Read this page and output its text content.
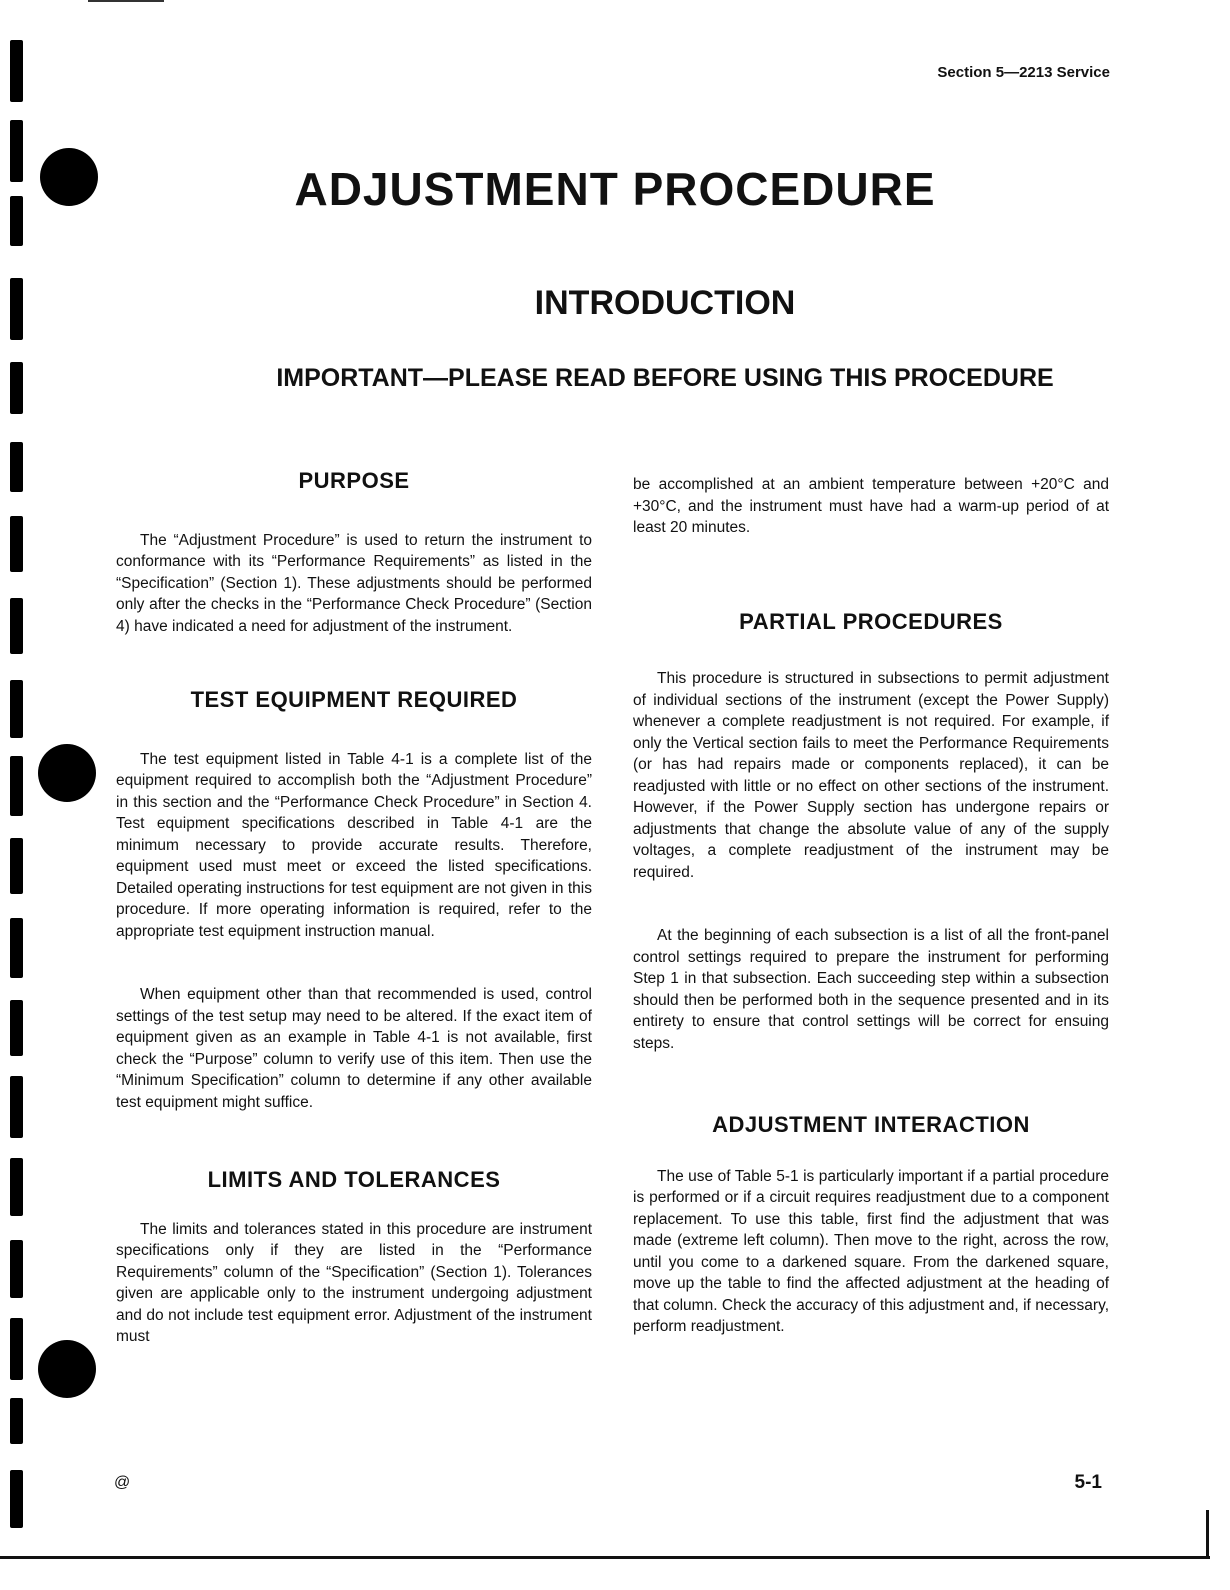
Section 5—2213 Service
ADJUSTMENT PROCEDURE
INTRODUCTION
IMPORTANT—PLEASE READ BEFORE USING THIS PROCEDURE
PURPOSE

The “Adjustment Procedure” is used to return the instrument to conformance with its “Performance Requirements” as listed in the “Specification” (Section 1). These adjustments should be performed only after the checks in the “Performance Check Procedure” (Section 4) have indicated a need for adjustment of the instrument.

TEST EQUIPMENT REQUIRED

The test equipment listed in Table 4-1 is a complete list of the equipment required to accomplish both the “Adjustment Procedure” in this section and the “Performance Check Procedure” in Section 4. Test equipment specifications described in Table 4-1 are the minimum necessary to provide accurate results. Therefore, equipment used must meet or exceed the listed specifications. Detailed operating instructions for test equipment are not given in this procedure. If more operating information is required, refer to the appropriate test equipment instruction manual.

When equipment other than that recommended is used, control settings of the test setup may need to be altered. If the exact item of equipment given as an example in Table 4-1 is not available, first check the “Purpose” column to verify use of this item. Then use the “Minimum Specification” column to determine if any other available test equipment might suffice.

LIMITS AND TOLERANCES

The limits and tolerances stated in this procedure are instrument specifications only if they are listed in the “Performance Requirements” column of the “Specification” (Section 1). Tolerances given are applicable only to the instrument undergoing adjustment and do not include test equipment error. Adjustment of the instrument must

be accomplished at an ambient temperature between +20°C and +30°C, and the instrument must have had a warm-up period of at least 20 minutes.

PARTIAL PROCEDURES

This procedure is structured in subsections to permit adjustment of individual sections of the instrument (except the Power Supply) whenever a complete readjustment is not required. For example, if only the Vertical section fails to meet the Performance Requirements (or has had repairs made or components replaced), it can be readjusted with little or no effect on other sections of the instrument. However, if the Power Supply section has undergone repairs or adjustments that change the absolute value of any of the supply voltages, a complete readjustment of the instrument may be required.

At the beginning of each subsection is a list of all the front-panel control settings required to prepare the instrument for performing Step 1 in that subsection. Each succeeding step within a subsection should then be performed both in the sequence presented and in its entirety to ensure that control settings will be correct for ensuing steps.

ADJUSTMENT INTERACTION

The use of Table 5-1 is particularly important if a partial procedure is performed or if a circuit requires readjustment due to a component replacement. To use this table, first find the adjustment that was made (extreme left column). Then move to the right, across the row, until you come to a darkened square. From the darkened square, move up the table to find the affected adjustment at the heading of that column. Check the accuracy of this adjustment and, if necessary, perform readjustment.

@	5-1
